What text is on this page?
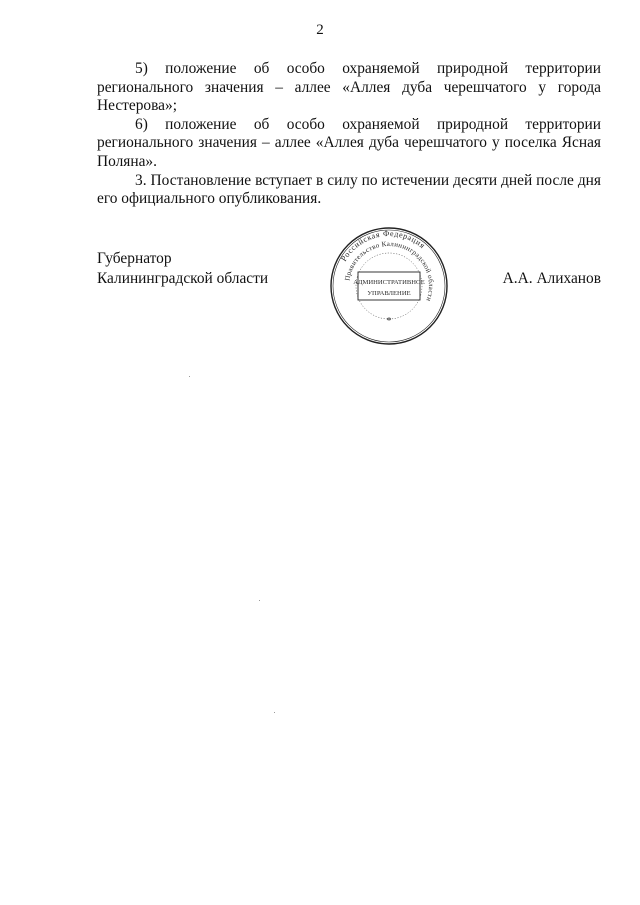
2

5) положение об особо охраняемой природной территории регионального значения – аллее «Аллея дуба черешчатого у города Нестерова»;

6) положение об особо охраняемой природной территории регионального значения – аллее «Аллея дуба черешчатого у поселка Ясная Поляна».

3. Постановление вступает в силу по истечении десяти дней после дня его официального опубликования.

Губернатор
Калининградской области
Российская Федерация
Правительство Калининградской области
АДМИНИСТРАТИВНОЕ
УПРАВЛЕНИЕ
*
А.А. Алиханов
